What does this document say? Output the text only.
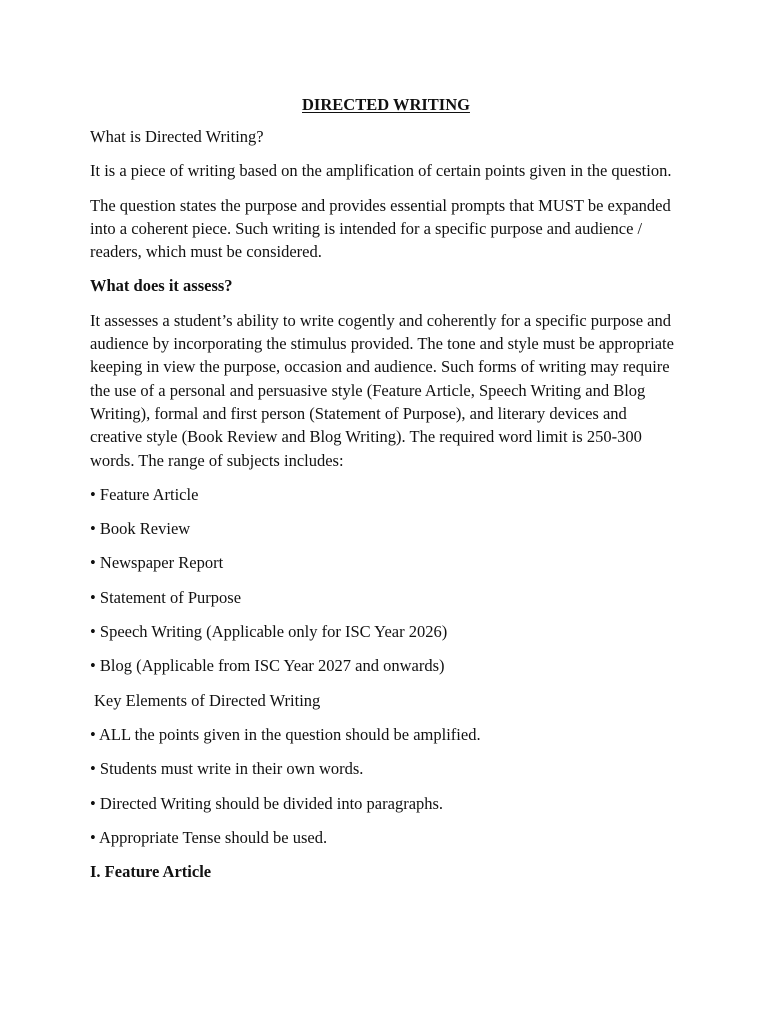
DIRECTED WRITING
What is Directed Writing?
It is a piece of writing based on the amplification of certain points given in the question.
The question states the purpose and provides essential prompts that MUST be expanded into a coherent piece. Such writing is intended for a specific purpose and audience / readers, which must be considered.
What does it assess?
It assesses a student’s ability to write cogently and coherently for a specific purpose and audience by incorporating the stimulus provided. The tone and style must be appropriate keeping in view the purpose, occasion and audience. Such forms of writing may require the use of a personal and persuasive style (Feature Article, Speech Writing and Blog Writing), formal and first person (Statement of Purpose), and literary devices and creative style (Book Review and Blog Writing). The required word limit is 250-300 words. The range of subjects includes:
• Feature Article
• Book Review
• Newspaper Report
• Statement of Purpose
• Speech Writing (Applicable only for ISC Year 2026)
• Blog (Applicable from ISC Year 2027 and onwards)
Key Elements of Directed Writing
• ALL the points given in the question should be amplified.
• Students must write in their own words.
• Directed Writing should be divided into paragraphs.
• Appropriate Tense should be used.
I. Feature Article
